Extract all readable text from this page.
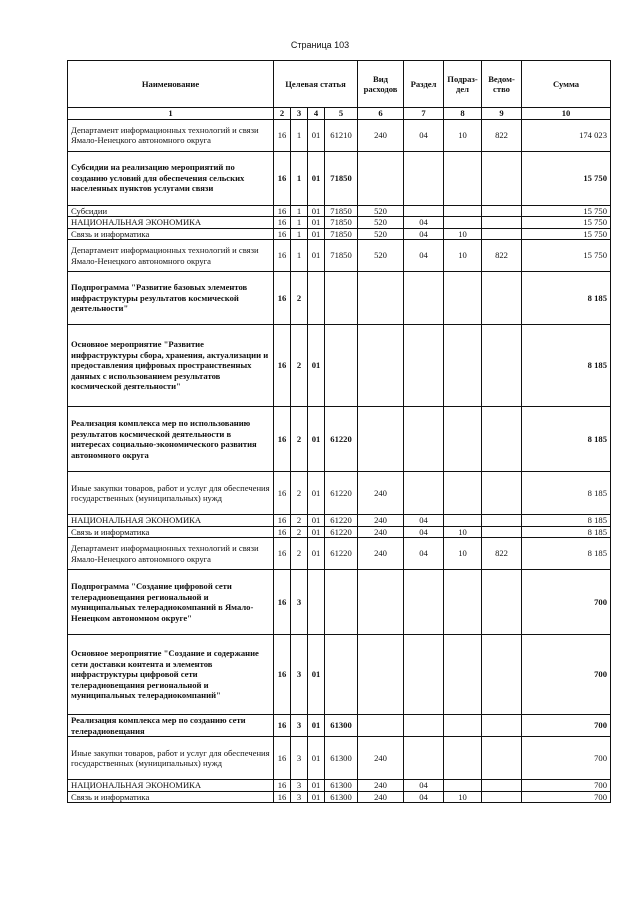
Страница 103
Наименование	Целевая статья				Вид расходов	Раздел	Подраз-дел	Ведом-ство	Сумма
1	2	3	4	5	6	7	8	9	10
Департамент информационных технологий и связи Ямало-Ненецкого автономного округа	16	1	01	61210	240	04	10	822	174 023
Субсидии на реализацию мероприятий по созданию условий для обеспечения сельских населенных пунктов услугами связи	16	1	01	71850					15 750
Субсидии	16	1	01	71850	520				15 750
НАЦИОНАЛЬНАЯ ЭКОНОМИКА	16	1	01	71850	520	04			15 750
Связь и информатика	16	1	01	71850	520	04	10		15 750
Департамент информационных технологий и связи Ямало-Ненецкого автономного округа	16	1	01	71850	520	04	10	822	15 750
Подпрограмма "Развитие базовых элементов инфраструктуры результатов космической деятельности"	16	2							8 185
Основное мероприятие "Развитие инфраструктуры сбора, хранения, актуализации и предоставления цифровых пространственных данных с использованием результатов космической деятельности"	16	2	01						8 185
Реализация комплекса мер по использованию результатов космической деятельности в интересах социально-экономического развития автономного округа	16	2	01	61220					8 185
Иные закупки товаров, работ и услуг для обеспечения государственных (муниципальных) нужд	16	2	01	61220	240				8 185
НАЦИОНАЛЬНАЯ ЭКОНОМИКА	16	2	01	61220	240	04			8 185
Связь и информатика	16	2	01	61220	240	04	10		8 185
Департамент информационных технологий и связи Ямало-Ненецкого автономного округа	16	2	01	61220	240	04	10	822	8 185
Подпрограмма "Создание цифровой сети телерадиовещания региональной и муниципальных телерадиокомпаний в Ямало-Ненецком автономном округе"	16	3							700
Основное мероприятие "Создание и содержание сети доставки контента и элементов инфраструктуры цифровой сети телерадиовещания региональной и муниципальных телерадиокомпаний"	16	3	01						700
Реализация комплекса мер по созданию сети телерадиовещания	16	3	01	61300					700
Иные закупки товаров, работ и услуг для обеспечения государственных (муниципальных) нужд	16	3	01	61300	240				700
НАЦИОНАЛЬНАЯ ЭКОНОМИКА	16	3	01	61300	240	04			700
Связь и информатика	16	3	01	61300	240	04	10		700
